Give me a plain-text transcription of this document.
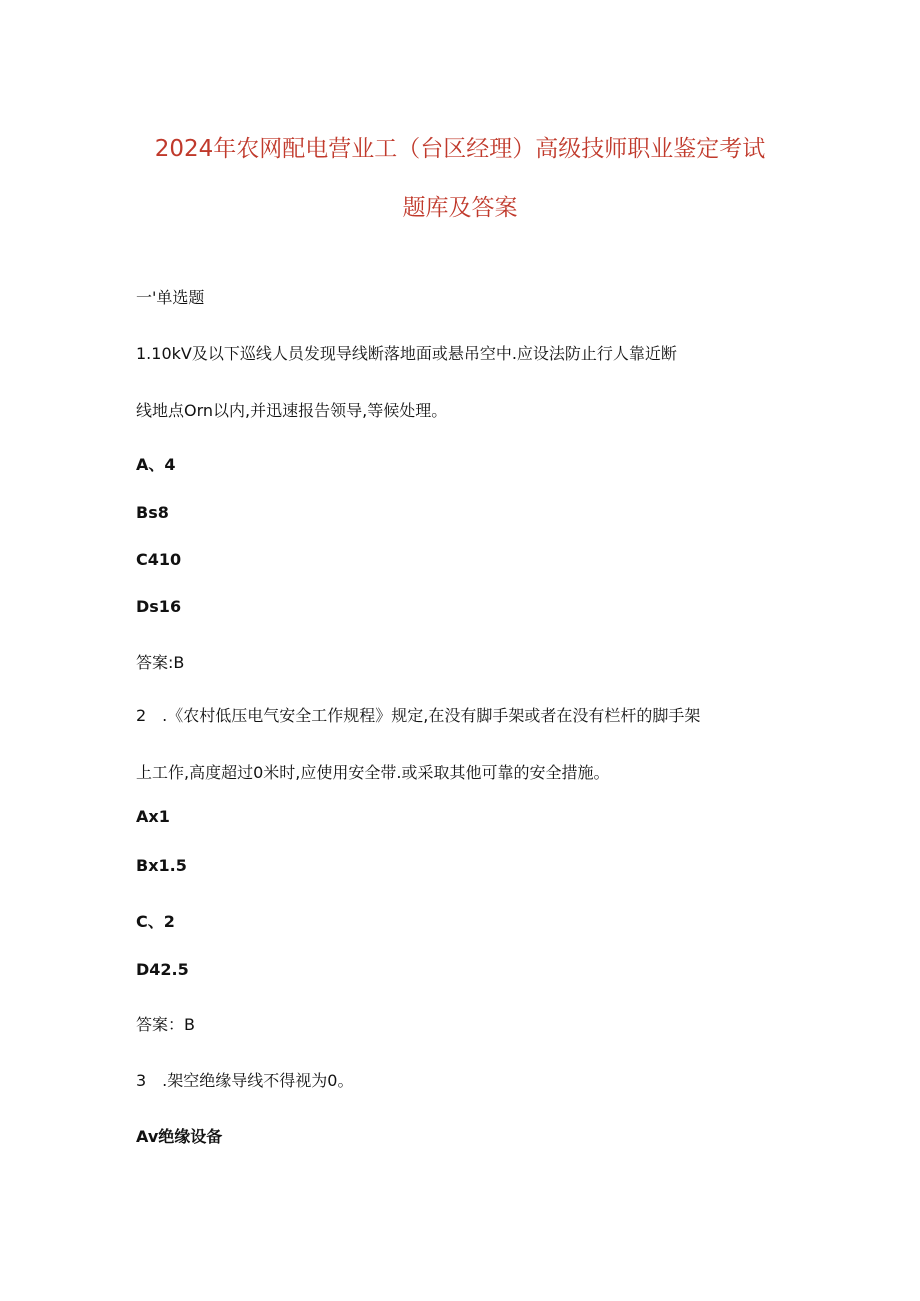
2024年农网配电营业工（台区经理）高级技师职业鉴定考试
题库及答案
一'单选题
1.10kV及以下巡线人员发现导线断落地面或悬吊空中.应设法防止行人靠近断
线地点Orn以内,并迅速报告领导,等候处理。
A、4
Bs8
C410
Ds16
答案:B
2　.《农村低压电气安全工作规程》规定,在没有脚手架或者在没有栏杆的脚手架
上工作,高度超过0米时,应使用安全带.或采取其他可靠的安全措施。
Ax1
Bx1.5
C、2
D42.5
答案：B
3　.架空绝缘导线不得视为0。
Av绝缘设备
